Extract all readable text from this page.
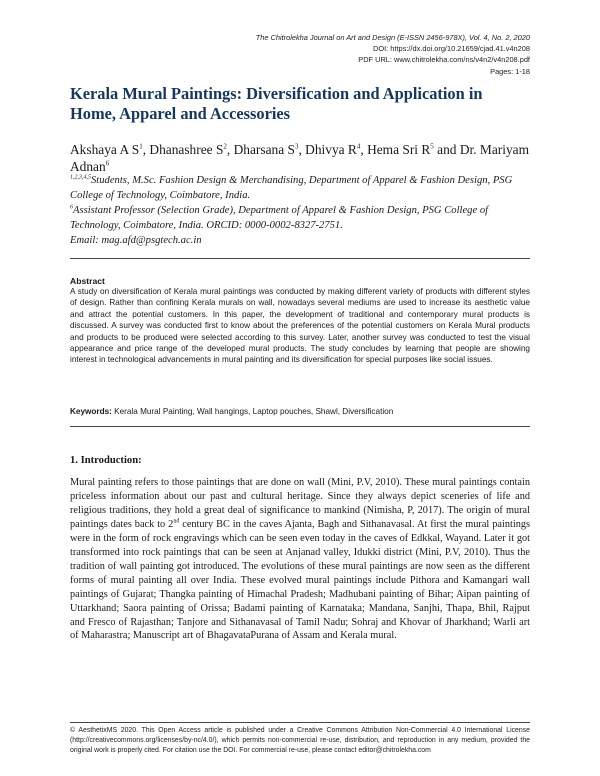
The Chitrolekha Journal on Art and Design (E-ISSN 2456-978X), Vol. 4, No. 2, 2020
DOI: https://dx.doi.org/10.21659/cjad.41.v4n208
PDF URL: www.chitrolekha.com/ns/v4n2/v4n208.pdf
Pages: 1-18
Kerala Mural Paintings: Diversification and Application in Home, Apparel and Accessories

Akshaya A $S^1$, Dhanashree $S^2$, Dharsana $S^3$, Dhivya $R^4$, Hema Sri $R^5$ and Dr. Mariyam Adnan$^6$

$^{1,2,3,4,5}$Students, M.Sc. Fashion Design & Merchandising, Department of Apparel & Fashion Design, PSG College of Technology, Coimbatore, India.
$^6$Assistant Professor (Selection Grade), Department of Apparel & Fashion Design, PSG College of Technology, Coimbatore, India. ORCID: 0000-0002-8327-2751.
Email: mag.afd@psgtech.ac.in

Abstract

A study on diversification of Kerala mural paintings was conducted by making different variety of products with different styles of design. Rather than confining Kerala murals on wall, nowadays several mediums are used to increase its aesthetic value and attract the potential customers. In this paper, the development of traditional and contemporary mural products is discussed. A survey was conducted first to know about the preferences of the potential customers on Kerala Mural products and products to be produced were selected according to this survey. Later, another survey was conducted to test the visual appearance and price range of the developed mural products. The study concludes by learning that people are showing interest in technological advancements in mural painting and its diversification for special purposes like social issues.

Keywords: Kerala Mural Painting, Wall hangings, Laptop pouches, Shawl, Diversification

1. Introduction:

Mural painting refers to those paintings that are done on wall (Mini, P.V, 2010). These mural paintings contain priceless information about our past and cultural heritage. Since they always depict sceneries of life and religious traditions, they hold a great deal of significance to mankind (Nimisha, P, 2017). The origin of mural paintings dates back to 2nd century BC in the caves Ajanta, Bagh and Sithanavasal. At first the mural paintings were in the form of rock engravings which can be seen even today in the caves of Edkkal, Wayand. Later it got transformed into rock paintings that can be seen at Anjanad valley, Idukki district (Mini, P.V, 2010). Thus the tradition of wall painting got introduced. The evolutions of these mural paintings are now seen as the different forms of mural painting all over India. These evolved mural paintings include Pithora and Kamangari wall paintings of Gujarat; Thangka painting of Himachal Pradesh; Madhubani painting of Bihar; Aipan painting of Uttarkhand; Saora painting of Orissa; Badami painting of Karnataka; Mandana, Sanjhi, Thapa, Bhil, Rajput and Fresco of Rajasthan; Tanjore and Sithanavasal of Tamil Nadu; Sohraj and Khovar of Jharkhand; Warli art of Maharastra; Manuscript art of BhagavataPurana of Assam and Kerala mural.

© AesthetixMS 2020. This Open Access article is published under a Creative Commons Attribution Non-Commercial 4.0 International License (http://creativecommons.org/licenses/by-nc/4.0/), which permits non-commercial re-use, distribution, and reproduction in any medium, provided the original work is properly cited. For citation use the DOI. For commercial re-use, please contact editor@chitrolekha.com
